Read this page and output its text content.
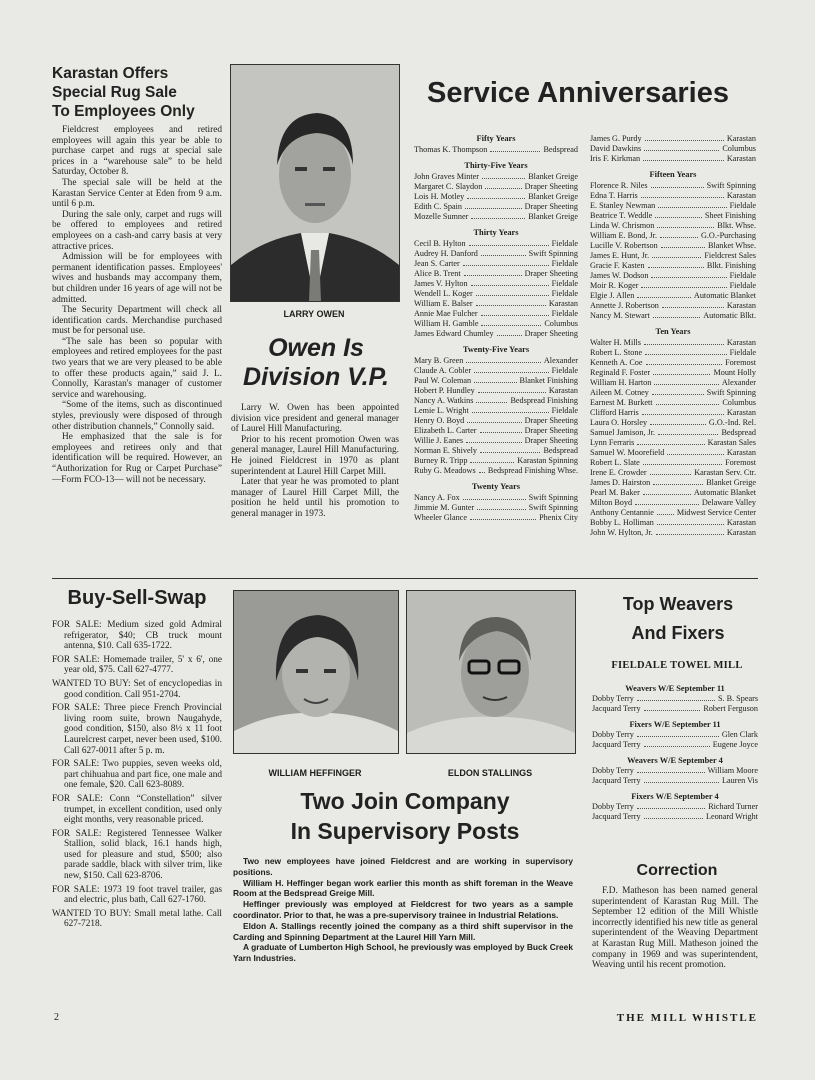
Karastan Offers
Special Rug Sale
To Employees Only

Fieldcrest employees and retired employees will again this year be able to purchase carpet and rugs at special sale prices in a “warehouse sale” to be held Saturday, October 8.

The special sale will be held at the Karastan Service Center at Eden from 9 a.m. until 6 p.m.

During the sale only, carpet and rugs will be offered to employees and retired employees on a cash-and carry basis at very attractive prices.

Admission will be for employees with permanent identification passes. Employees' wives and husbands may accompany them, but children under 16 years of age will not be admitted.

The Security Department will check all identification cards. Merchandise purchased must be for personal use.

“The sale has been so popular with employees and retired employees for the past two years that we are very pleased to be able to offer these products again,” said J. L. Connolly, Karastan's manager of customer service and warehousing.

“Some of the items, such as discontinued styles, previously were disposed of through other distribution channels,” Connolly said.

He emphasized that the sale is for employees and retirees only and that identification will be required. However, an “Authorization for Rug or Carpet Purchase” —Form FCO-13— will not be necessary.

LARRY OWEN
Owen Is
Division V.P.

Larry W. Owen has been appointed division vice president and general manager of Laurel Hill Manufacturing.

Prior to his recent promotion Owen was general manager, Laurel Hill Manufacturing. He joined Fieldcrest in 1970 as plant superintendent at Laurel Hill Carpet Mill.

Later that year he was promoted to plant manager of Laurel Hill Carpet Mill, the position he held until his promotion to general manager in 1973.

Service Anniversaries
Fifty Years
Thomas K. Thompson	Bedspread
Thirty-Five Years
John Graves Minter	Blanket Greige
Margaret C. Slaydon	Draper Sheeting
Lois H. Motley	Blanket Greige
Edith C. Spain	Draper Sheeting
Mozelle Sumner	Blanket Greige
Thirty Years
Cecil B. Hylton	Fieldale
Audrey H. Danford	Swift Spinning
Jean S. Carter	Fieldale
Alice B. Trent	Draper Sheeting
James V. Hylton	Fieldale
Wendell L. Koger	Fieldale
William E. Balser	Karastan
Annie Mae Fulcher	Fieldale
William H. Gamble	Columbus
James Edward Chumley	Draper Sheeting
Twenty-Five Years
Mary B. Green	Alexander
Claude A. Cobler	Fieldale
Paul W. Coleman	Blanket Finishing
Hobert P. Hundley	Karastan
Nancy A. Watkins	Bedspread Finishing
Lemie L. Wright	Fieldale
Henry O. Boyd	Draper Sheeting
Elizabeth L. Carter	Draper Sheeting
Willie J. Eanes	Draper Sheeting
Norman E. Shively	Bedspread
Burney R. Tripp	Karastan Spinning
Ruby G. Meadows Bedspread Finishing Whse.
Twenty Years
Nancy A. Fox	Swift Spinning
Jimmie M. Gunter	Swift Spinning
Wheeler Glance	Phenix City
James G. Purdy	Karastan
David Dawkins	Columbus
Iris F. Kirkman	Karastan
Fifteen Years
Florence R. Niles	Swift Spinning
Edna T. Harris	Karastan
E. Stanley Newman	Fieldale
Beatrice T. Weddle	Sheet Finishing
Linda W. Chrismon	Blkt. Whse.
William E. Bond, Jr.	G.O.-Purchasing
Lucille V. Robertson	Blanket Whse.
James E. Hunt, Jr.	Fieldcrest Sales
Gracie F. Kasten	Blkt. Finishing
James W. Dodson	Fieldale
Moir R. Koger	Fieldale
Elgie J. Allen	Automatic Blanket
Annette J. Robertson	Karastan
Nancy M. Stewart	Automatic Blkt.
Ten Years
Walter H. Mills	Karastan
Robert L. Stone	Fieldale
Kenneth A. Coe	Foremost
Reginald F. Foster	Mount Holly
William H. Harton	Alexander
Aileen M. Cotney	Swift Spinning
Earnest M. Burkett	Columbus
Clifford Harris	Karastan
Laura O. Horsley	G.O.-Ind. Rel.
Samuel Jamison, Jr.	Bedspread
Lynn Ferraris	Karastan Sales
Samuel W. Moorefield	Karastan
Robert L. Slate	Foremost
Irene E. Crowder	Karastan Serv. Ctr.
James D. Hairston	Blanket Greige
Pearl M. Baker	Automatic Blanket
Milton Boyd	Delaware Valley
Anthony Centannie	Midwest Service Center
Bobby L. Holliman	Karastan
John W. Hylton, Jr.	Karastan
Buy-Sell-Swap

FOR SALE: Medium sized gold Admiral refrigerator, $40; CB truck mount antenna, $10. Call 635-1722.

FOR SALE: Homemade trailer, 5' x 6', one year old, $75. Call 627-4777.

WANTED TO BUY: Set of encyclopedias in good condition. Call 951-2704.

FOR SALE: Three piece French Provincial living room suite, brown Naugahyde, good condition, $150, also 8½ x 11 foot Laurelcrest carpet, never been used, $100. Call 627-0011 after 5 p. m.

FOR SALE: Two puppies, seven weeks old, part chihuahua and part fice, one male and one female, $20. Call 623-8089.

FOR SALE: Conn “Constellation” silver trumpet, in excellent condition, used only eight months, very reasonable priced.

FOR SALE: Registered Tennessee Walker Stallion, solid black, 16.1 hands high, used for pleasure and stud, $500; also parade saddle, black with silver trim, like new, $150. Call 623-8706.

FOR SALE: 1973 19 foot travel trailer, gas and electric, plus bath, Call 627-1760.

WANTED TO BUY: Small metal lathe. Call 627-7218.

2
WILLIAM HEFFINGER	ELDON STALLINGS
Two Join Company
In Supervisory Posts

Two new employees have joined Fieldcrest and are working in supervisory positions.

William H. Heffinger began work earlier this month as shift foreman in the Weave Room at the Bedspread Greige Mill.

Heffinger previously was employed at Fieldcrest for two years as a sample coordinator. Prior to that, he was a pre-supervisory trainee in Industrial Relations.

Eldon A. Stallings recently joined the company as a third shift supervisor in the Carding and Spinning Department at the Laurel Hill Yarn Mill.

A graduate of Lumberton High School, he previously was employed by Buck Creek Yarn Industries.

Top Weavers
And Fixers
FIELDALE TOWEL MILL
Weavers W/E September 11
Dobby Terry	S. B. Spears
Jacquard Terry	Robert Ferguson
Fixers W/E September 11
Dobby Terry	Glen Clark
Jacquard Terry	Eugene Joyce
Weavers W/E September 4
Dobby Terry	William Moore
Jacquard Terry	Lauren Vis
Fixers W/E September 4
Dobby Terry	Richard Turner
Jacquard Terry	Leonard Wright
Correction

F.D. Matheson has been named general superintendent of Karastan Rug Mill. The September 12 edition of the Mill Whistle incorrectly identified his new title as general superintendent of the Weaving Department at Karastan Rug Mill. Matheson joined the company in 1969 and was superintendent, Weaving until his recent promotion.

THE MILL WHISTLE
